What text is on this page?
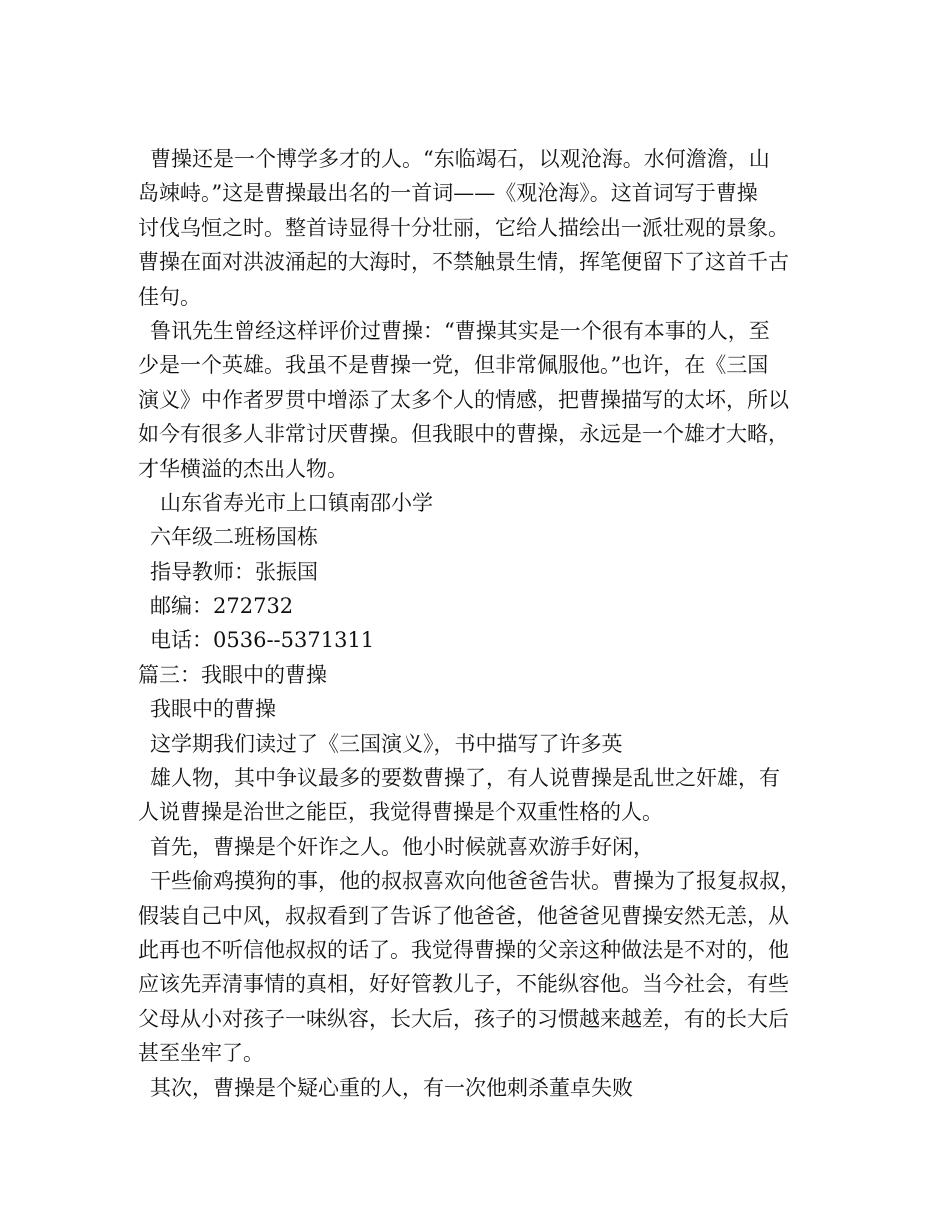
曹操还是一个博学多才的人。“东临竭石，以观沧海。水何澹澹，山
岛竦峙。”这是曹操最出名的一首词——《观沧海》。这首词写于曹操
讨伐乌恒之时。整首诗显得十分壮丽，它给人描绘出一派壮观的景象。
曹操在面对洪波涌起的大海时，不禁触景生情，挥笔便留下了这首千古
佳句。
鲁讯先生曾经这样评价过曹操：“曹操其实是一个很有本事的人，至
少是一个英雄。我虽不是曹操一党，但非常佩服他。”也许，在《三国
演义》中作者罗贯中增添了太多个人的情感，把曹操描写的太坏，所以
如今有很多人非常讨厌曹操。但我眼中的曹操，永远是一个雄才大略，
才华横溢的杰出人物。
山东省寿光市上口镇南邵小学
六年级二班杨国栋
指导教师：张振国
邮编：272732
电话：0536--5371311
篇三：我眼中的曹操
我眼中的曹操
这学期我们读过了《三国演义》，书中描写了许多英
雄人物，其中争议最多的要数曹操了，有人说曹操是乱世之奸雄，有
人说曹操是治世之能臣，我觉得曹操是个双重性格的人。
首先，曹操是个奸诈之人。他小时候就喜欢游手好闲，
干些偷鸡摸狗的事，他的叔叔喜欢向他爸爸告状。曹操为了报复叔叔，
假装自己中风，叔叔看到了告诉了他爸爸，他爸爸见曹操安然无恙，从
此再也不听信他叔叔的话了。我觉得曹操的父亲这种做法是不对的，他
应该先弄清事情的真相，好好管教儿子，不能纵容他。当今社会，有些
父母从小对孩子一味纵容，长大后，孩子的习惯越来越差，有的长大后
甚至坐牢了。
其次，曹操是个疑心重的人，有一次他刺杀董卓失败
